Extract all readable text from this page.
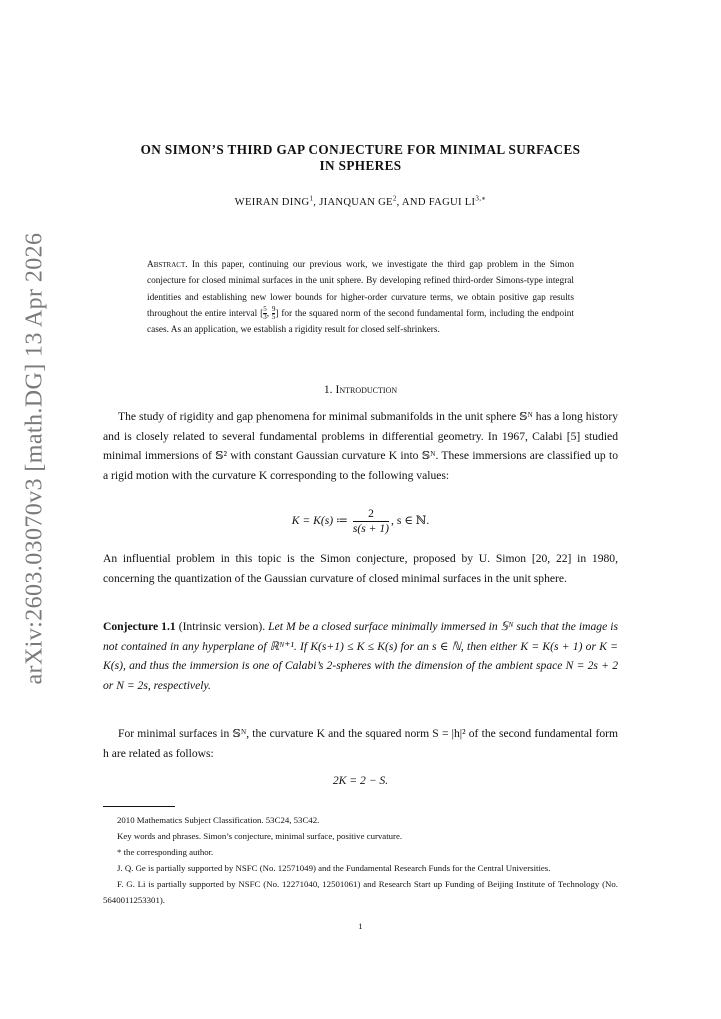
arXiv:2603.03070v3 [math.DG] 13 Apr 2026
ON SIMON’S THIRD GAP CONJECTURE FOR MINIMAL SURFACES
IN SPHERES
WEIRAN DING$^1$, JIANQUAN $GE^2$, AND FAGUI $LI^{3,∗}$
Abstract. In this paper, continuing our previous work, we investigate the third gap problem in the Simon conjecture for closed minimal surfaces in the unit sphere. By developing refined third-order Simons-type integral identities and establishing new lower bounds for higher-order curvature terms, we obtain positive gap results throughout the entire interval [ $\frac{5}{3}$ , $\frac{9}{5}$ ] for the squared norm of the second fundamental form, including the endpoint cases. As an application, we establish a rigidity result for closed self-shrinkers.
1. Introduction
The study of rigidity and gap phenomena for minimal submanifolds in the unit sphere 𝕊ᴺ has a long history and is closely related to several fundamental problems in differential geometry. In 1967, Calabi [5] studied minimal immersions of 𝕊² with constant Gaussian curvature K into 𝕊ᴺ. These immersions are classified up to a rigid motion with the curvature K corresponding to the following values:
K = K(s) ≔ $\frac{2}{s(s + 1)}$ , s ∈ ℕ.
An influential problem in this topic is the Simon conjecture, proposed by U. Simon [20, 22] in 1980, concerning the quantization of the Gaussian curvature of closed minimal surfaces in the unit sphere.
Conjecture 1.1 (Intrinsic version). Let M be a closed surface minimally immersed in 𝕊ᴺ such that the image is not contained in any hyperplane of ℝᴺ⁺¹. If K(s+1) ≤ K ≤ K(s) for an s ∈ ℕ, then either K = K(s + 1) or K = K(s), and thus the immersion is one of Calabi’s 2-spheres with the dimension of the ambient space N = 2s + 2 or N = 2s, respectively.
For minimal surfaces in 𝕊ᴺ, the curvature K and the squared norm S = |h|² of the second fundamental form h are related as follows:
2K = 2 − S.

2010 Mathematics Subject Classification. 53C24, 53C42.

Key words and phrases. Simon’s conjecture, minimal surface, positive curvature.

* the corresponding author.

J. Q. Ge is partially supported by NSFC (No. 12571049) and the Fundamental Research Funds for the Central Universities.

F. G. Li is partially supported by NSFC (No. 12271040, 12501061) and Research Start up Funding of Beijing Institute of Technology (No. 5640011253301).

1
